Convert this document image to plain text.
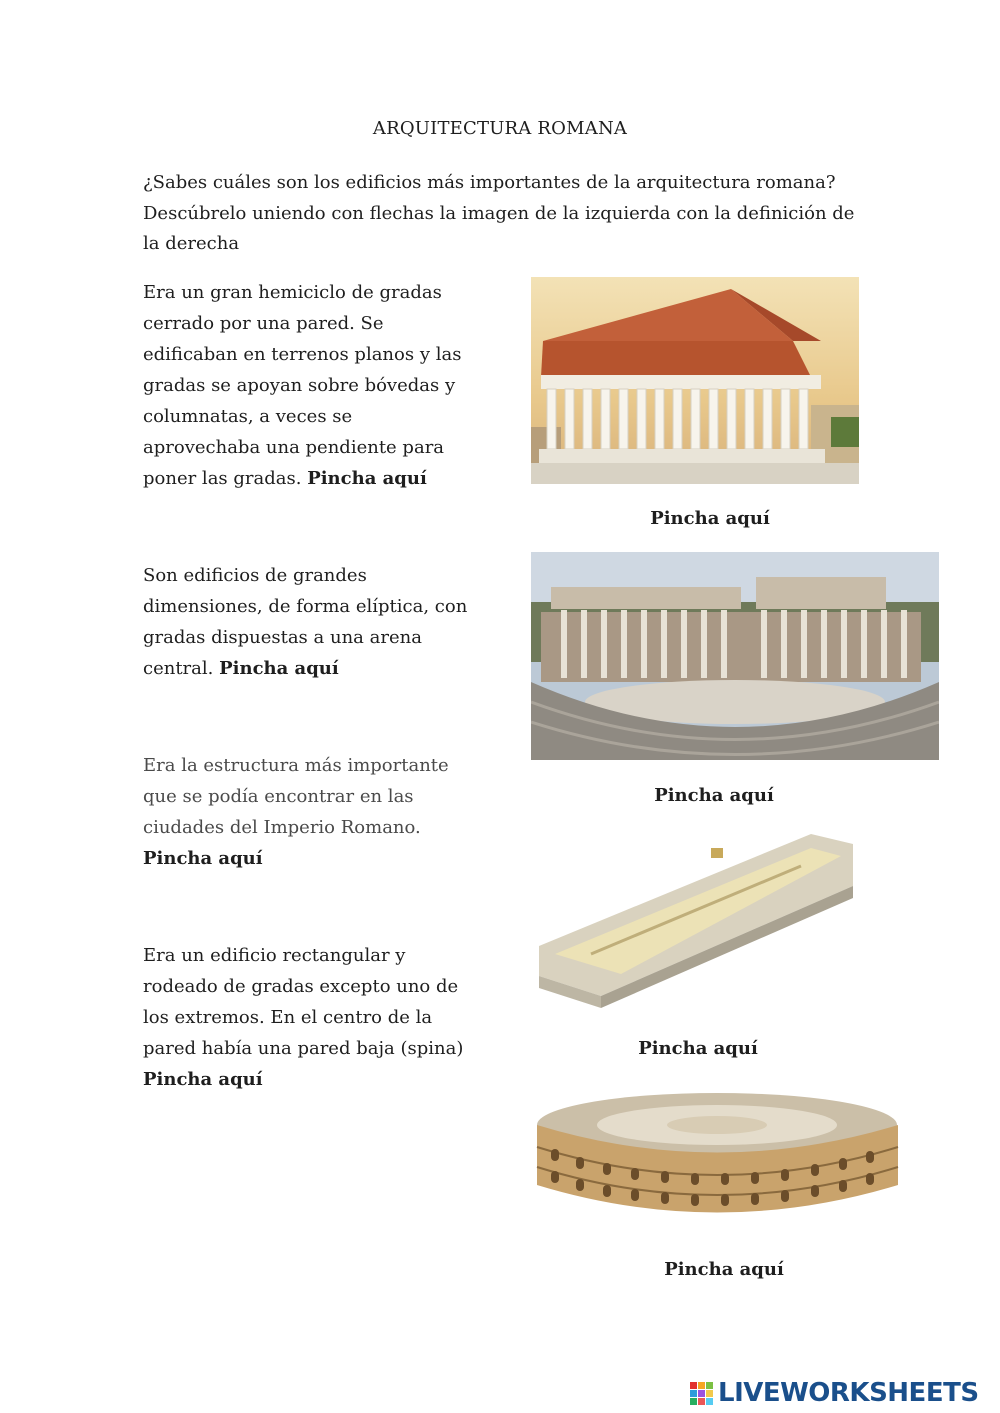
ARQUITECTURA ROMANA
¿Sabes cuáles son los edificios más importantes de la arquitectura romana? Descúbrelo uniendo con flechas la imagen de la izquierda con la definición de la derecha
Era un gran hemiciclo de gradas cerrado por una pared. Se edificaban en terrenos planos y las gradas se apoyan sobre bóvedas y columnatas, a veces se aprovechaba una pendiente para poner las gradas. Pincha aquí
Son edificios de grandes dimensiones, de forma elíptica, con gradas dispuestas a una arena central. Pincha aquí
Era la estructura más importante que se podía encontrar en las ciudades del Imperio Romano.
Pincha aquí
Era un edificio rectangular y rodeado de gradas excepto uno de los extremos. En el centro de la pared había una pared baja (spina)
Pincha aquí
Pincha aquí
Pincha aquí
Pincha aquí
Pincha aquí
LIVEWORKSHEETS
